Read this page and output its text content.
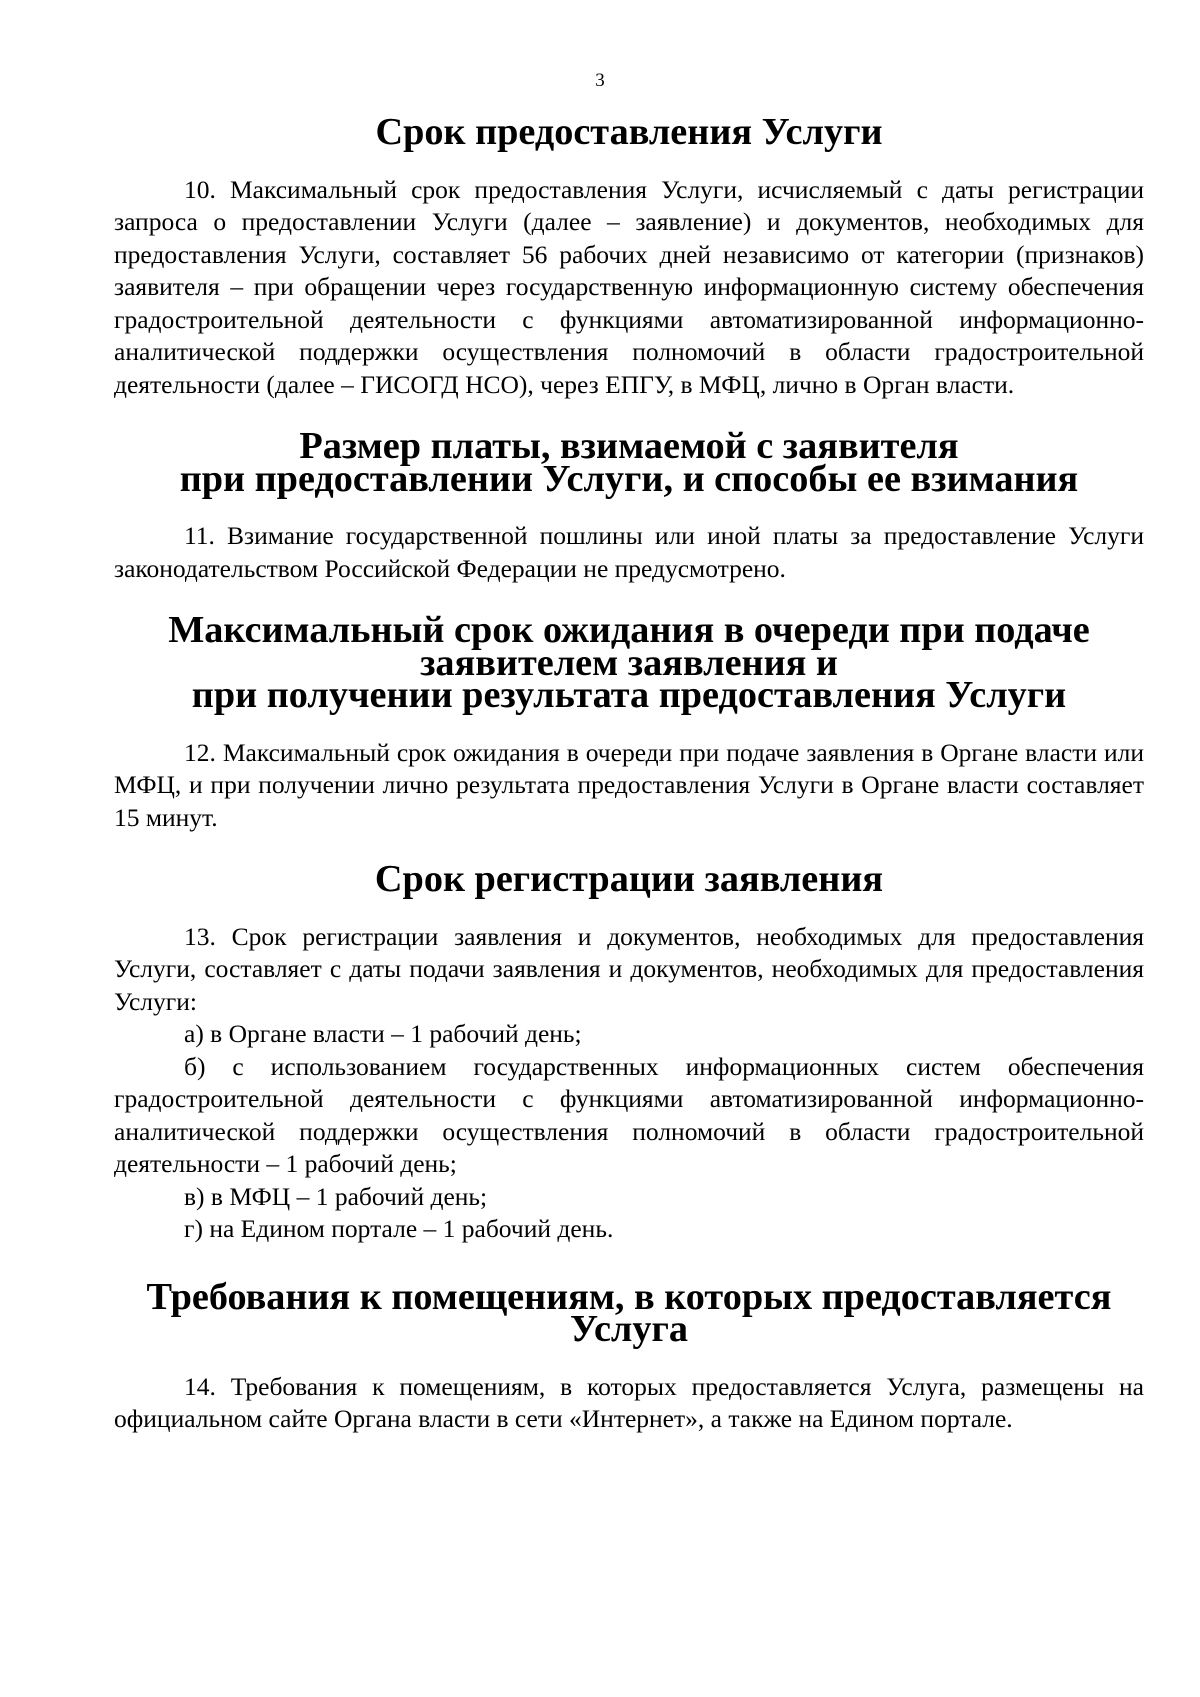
3
Срок предоставления Услуги

10. Максимальный срок предоставления Услуги, исчисляемый с даты регистрации запроса о предоставлении Услуги (далее – заявление) и документов, необходимых для предоставления Услуги, составляет 56 рабочих дней независимо от категории (признаков) заявителя – при обращении через государственную информационную систему обеспечения градостроительной деятельности с функциями автоматизированной информационно-аналитической поддержки осуществления полномочий в области градостроительной деятельности (далее – ГИСОГД НСО), через ЕПГУ, в МФЦ, лично в Орган власти.

Размер платы, взимаемой с заявителя
при предоставлении Услуги, и способы ее взимания

11. Взимание государственной пошлины или иной платы за предоставление Услуги законодательством Российской Федерации не предусмотрено.

Максимальный срок ожидания в очереди при подаче заявителем заявления и
при получении результата предоставления Услуги

12. Максимальный срок ожидания в очереди при подаче заявления в Органе власти или МФЦ, и при получении лично результата предоставления Услуги в Органе власти составляет 15 минут.

Срок регистрации заявления

13. Срок регистрации заявления и документов, необходимых для предоставления Услуги, составляет с даты подачи заявления и документов, необходимых для предоставления Услуги:

а) в Органе власти – 1 рабочий день;

б) с использованием государственных информационных систем обеспечения градостроительной деятельности с функциями автоматизированной информационно-аналитической поддержки осуществления полномочий в области градостроительной деятельности – 1 рабочий день;

в) в МФЦ – 1 рабочий день;

г) на Едином портале – 1 рабочий день.

Требования к помещениям, в которых предоставляется Услуга

14. Требования к помещениям, в которых предоставляется Услуга, размещены на официальном сайте Органа власти в сети «Интернет», а также на Едином портале.
